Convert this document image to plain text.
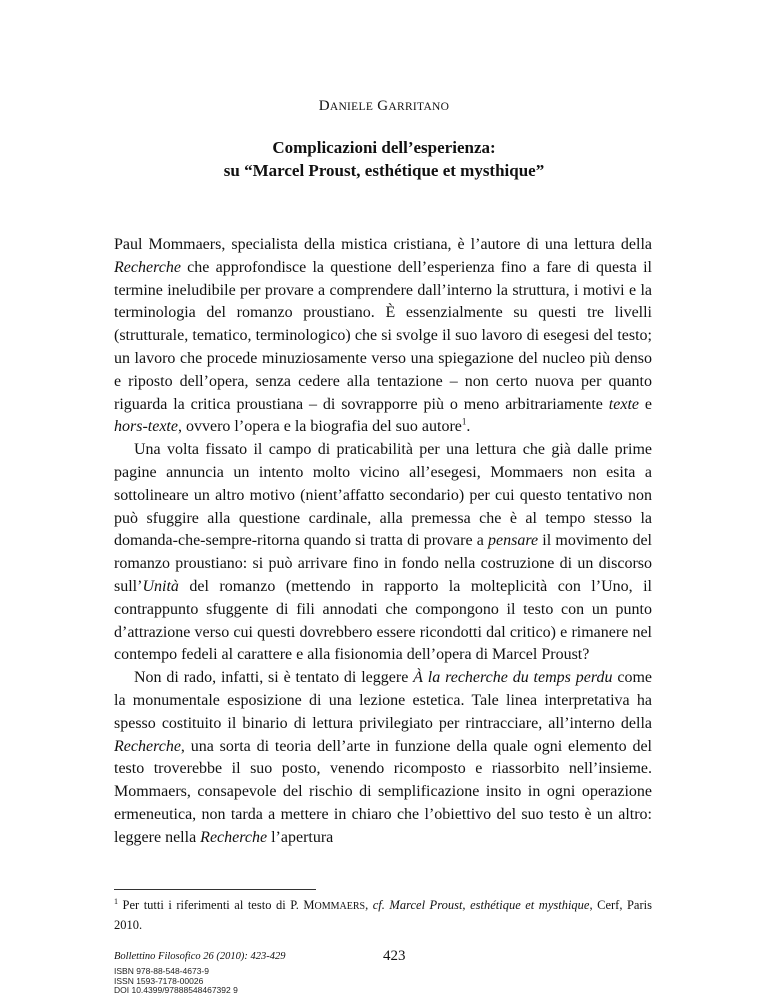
DANIELE GARRITANO
Complicazioni dell’esperienza:
su “Marcel Proust, esthétique et mysthique”

Paul Mommaers, specialista della mistica cristiana, è l’autore di una lettura della Recherche che approfondisce la questione dell’esperienza fino a fare di questa il termine ineludibile per provare a comprendere dall’interno la struttura, i motivi e la terminologia del romanzo proustiano. È essenzialmente su questi tre livelli (strutturale, tematico, terminologico) che si svolge il suo lavoro di esegesi del testo; un lavoro che procede minuziosamente verso una spiegazione del nucleo più denso e riposto dell’opera, senza cedere alla tentazione – non certo nuova per quanto riguarda la critica proustiana – di sovrapporre più o meno arbitrariamente texte e hors-texte, ovvero l’opera e la biografia del suo autore$^1$.

Una volta fissato il campo di praticabilità per una lettura che già dalle prime pagine annuncia un intento molto vicino all’esegesi, Mommaers non esita a sottolineare un altro motivo (nient’affatto secondario) per cui questo tentativo non può sfuggire alla questione cardinale, alla premessa che è al tempo stesso la domanda-che-sempre-ritorna quando si tratta di provare a pensare il movimento del romanzo proustiano: si può arrivare fino in fondo nella costruzione di un discorso sull’Unità del romanzo (mettendo in rapporto la molteplicità con l’Uno, il contrappunto sfuggente di fili annodati che compongono il testo con un punto d’attrazione verso cui questi dovrebbero essere ricondotti dal critico) e rimanere nel contempo fedeli al carattere e alla fisionomia dell’opera di Marcel Proust?

Non di rado, infatti, si è tentato di leggere À la recherche du temps perdu come la monumentale esposizione di una lezione estetica. Tale linea interpretativa ha spesso costituito il binario di lettura privilegiato per rintracciare, all’interno della Recherche, una sorta di teoria dell’arte in funzione della quale ogni elemento del testo troverebbe il suo posto, venendo ricomposto e riassorbito nell’insieme. Mommaers, consapevole del rischio di semplificazione insito in ogni operazione ermeneutica, non tarda a mettere in chiaro che l’obiettivo del suo testo è un altro: leggere nella Recherche l’apertura

$^1$ Per tutti i riferimenti al testo di P. MOMMAERS, cf. Marcel Proust, esthétique et mysthique, Cerf, Paris 2010.
Bollettino Filosofico 26 (2010): 423-429	423
ISBN 978-88-548-4673-9
ISSN 1593-7178-00026
DOI 10.4399/97888548467392 9
